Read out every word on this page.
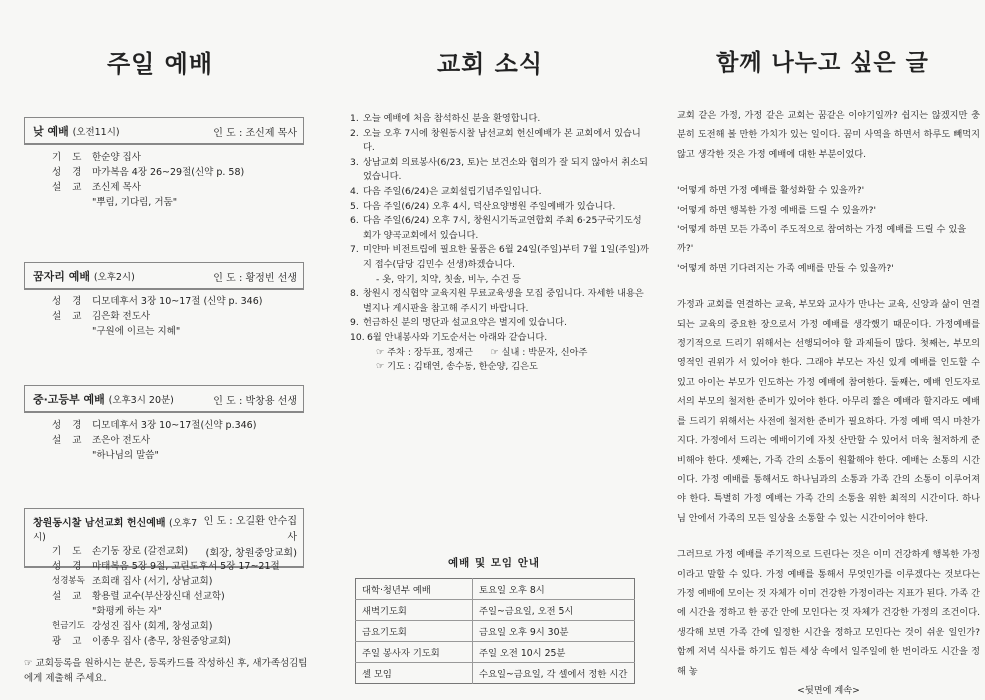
주일 예배
낮 예배 (오전11시)	인 도 : 조신제 목사
기 도 한순양 집사
성 경 마가복음 4장 26~29절(신약 p. 58)
설 교 조신제 목사
"뿌림, 기다림, 거둠"
꿈자리 예배 (오후2시)	인 도 : 황정빈 선생
성 경 디모데후서 3장 10~17절 (신약 p. 346)
설 교 김은화 전도사
"구원에 이르는 지혜"
중·고등부 예배 (오후3시 20분)	인 도 : 박창용 선생
성 경 디모데후서 3장 10~17절(신약 p.346)
설 교 조은아 전도사
"하나님의 말씀"
창원동시찰 남선교회 헌신예배 (오후7시)
인 도 : 오길환 안수집사
(회장, 창원중앙교회)
기 도 손기동 장로 (갈전교회)
성 경 마태복음 5장 9절, 고린도후서 5장 17~21절
성경봉독 조희래 집사 (서기, 상남교회)
설 교 황용렬 교수(부산장신대 선교학)
"화평케 하는 자"
헌금기도 강성진 집사 (회계, 창성교회)
광 고 이종우 집사 (총무, 창원중앙교회)
☞ 교회등록을 원하시는 분은, 등록카드를 작성하신 후, 새가족섬김팀에게 제출해 주세요.
교회 소식
1. 오늘 예배에 처음 참석하신 분을 환영합니다.
2. 오늘 오후 7시에 창원동시찰 남선교회 헌신예배가 본 교회에서 있습니다.
3. 상남교회 의료봉사(6/23, 토)는 보건소와 협의가 잘 되지 않아서 취소되었습니다.
4. 다음 주일(6/24)은 교회설립기념주일입니다.
5. 다음 주일(6/24) 오후 4시, 덕산요양병원 주일예배가 있습니다.
6. 다음 주일(6/24) 오후 7시, 창원시기독교연합회 주최 6·25구국기도성회가 양곡교회에서 있습니다.
7. 미얀마 비전트립에 필요한 물품은 6월 24일(주일)부터 7월 1일(주일)까지 접수(담당 김민수 선생)하겠습니다.
- 옷, 악기, 치약, 칫솔, 비누, 수건 등
8. 창원시 정식협약 교육지원 무료교육생을 모집 중입니다. 자세한 내용은 별지나 게시판을 참고해 주시기 바랍니다.
9. 헌금하신 분의 명단과 설교요약은 별지에 있습니다.
10. 6월 안내봉사와 기도순서는 아래와 같습니다.
☞ 주차 : 장두표, 정재근      ☞ 실내 : 박문자, 신아주
☞ 기도 : 김태연, 송수동, 한순양, 김은도
예배 및 모임 안내
대학·청년부 예배	토요일 오후 8시
새벽기도회	주일~금요일, 오전 5시
금요기도회	금요일 오후 9시 30분
주일 봉사자 기도회	주일 오전 10시 25분
셀 모임	수요일~금요일, 각 셀에서 정한 시간
함께 나누고 싶은 글

교회 같은 가정, 가정 같은 교회는 꿈같은 이야기일까? 쉽지는 않겠지만 충분히 도전해 볼 만한 가치가 있는 일이다. 꿈미 사역을 하면서 하루도 빼먹지 않고 생각한 것은 가정 예배에 대한 부분이었다.

'어떻게 하면 가정 예배를 활성화할 수 있을까?'

'어떻게 하면 행복한 가정 예배를 드릴 수 있을까?'

'어떻게 하면 모든 가족이 주도적으로 참여하는 가정 예배를 드릴 수 있을까?'

'어떻게 하면 기다려지는 가족 예배를 만들 수 있을까?'

가정과 교회를 연결하는 교육, 부모와 교사가 만나는 교육, 신앙과 삶이 연결되는 교육의 중요한 장으로서 가정 예배를 생각했기 때문이다. 가정예배를 정기적으로 드리기 위해서는 선행되어야 할 과제들이 많다. 첫째는, 부모의 영적인 권위가 서 있어야 한다. 그래야 부모는 자신 있게 예배를 인도할 수 있고 아이는 부모가 인도하는 가정 예배에 참여한다. 둘째는, 예배 인도자로서의 부모의 철저한 준비가 있어야 한다. 아무리 짧은 예배라 할지라도 예배를 드리기 위해서는 사전에 철저한 준비가 필요하다. 가정 예배 역시 마찬가지다. 가정에서 드리는 예배이기에 자칫 산만할 수 있어서 더욱 철저하게 준비해야 한다. 셋째는, 가족 간의 소통이 원활해야 한다. 예배는 소통의 시간이다. 가정 예배를 통해서도 하나님과의 소통과 가족 간의 소통이 이루어져야 한다. 특별히 가정 예배는 가족 간의 소통을 위한 최적의 시간이다. 하나님 안에서 가족의 모든 일상을 소통할 수 있는 시간이어야 한다.

그러므로 가정 예배를 주기적으로 드린다는 것은 이미 건강하게 행복한 가정이라고 말할 수 있다. 가정 예배를 통해서 무엇인가를 이루겠다는 것보다는 가정 예배에 모이는 것 자체가 이미 건강한 가정이라는 지표가 된다. 가족 간에 시간을 정하고 한 공간 안에 모인다는 것 자체가 건강한 가정의 조건이다. 생각해 보면 가족 간에 일정한 시간을 정하고 모인다는 것이 쉬운 일인가? 함께 저녁 식사를 하기도 힘든 세상 속에서 일주일에 한 번이라도 시간을 정해 놓

<뒷면에 계속>
